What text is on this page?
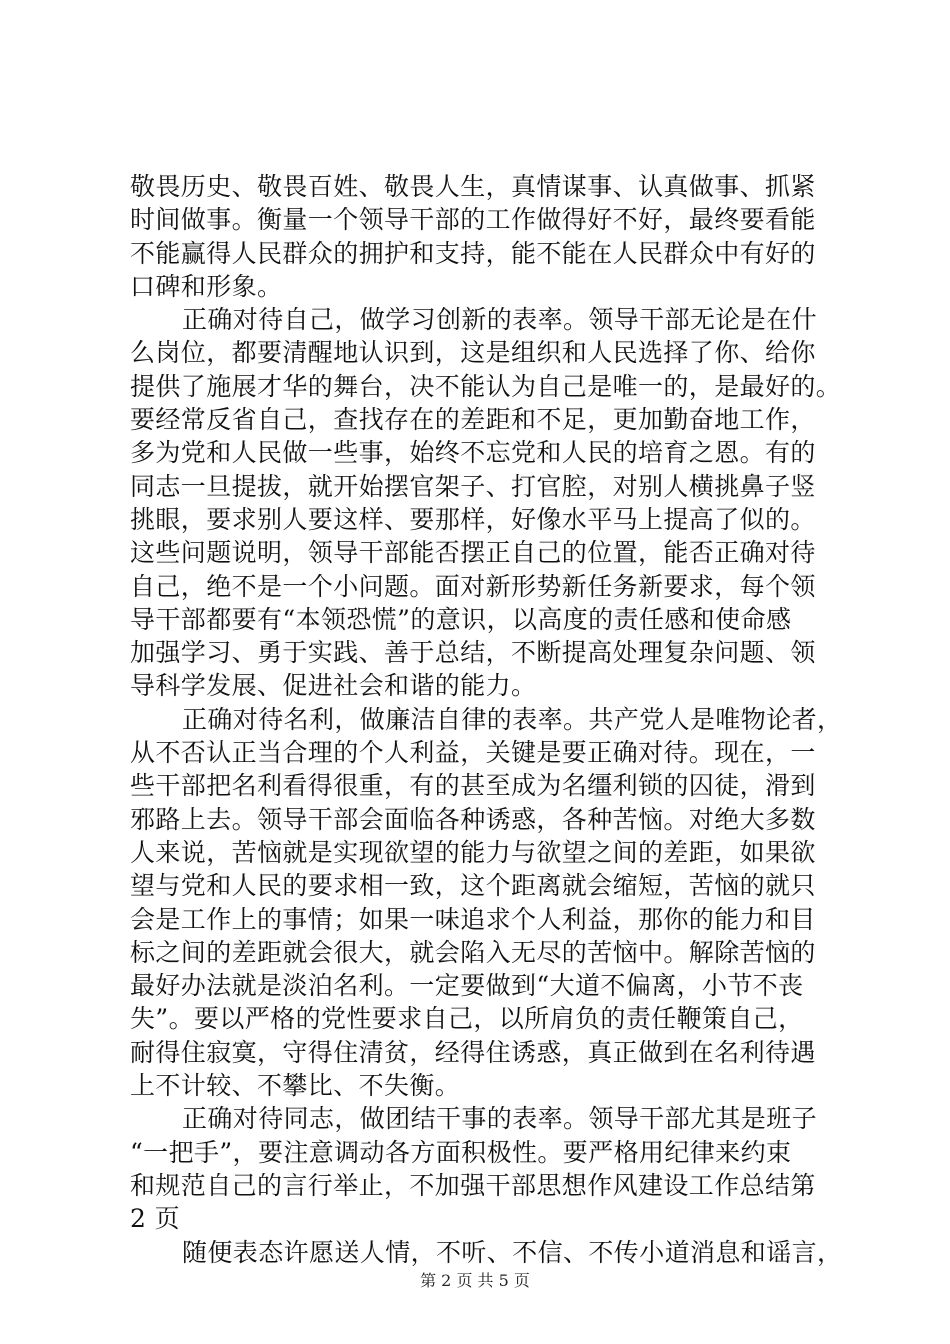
敬畏历史、敬畏百姓、敬畏人生，真情谋事、认真做事、抓紧
时间做事。衡量一个领导干部的工作做得好不好，最终要看能
不能赢得人民群众的拥护和支持，能不能在人民群众中有好的
口碑和形象。
正确对待自己，做学习创新的表率。领导干部无论是在什
么岗位，都要清醒地认识到，这是组织和人民选择了你、给你
提供了施展才华的舞台，决不能认为自己是唯一的，是最好的。
要经常反省自己，查找存在的差距和不足，更加勤奋地工作，
多为党和人民做一些事，始终不忘党和人民的培育之恩。有的
同志一旦提拔，就开始摆官架子、打官腔，对别人横挑鼻子竖
挑眼，要求别人要这样、要那样，好像水平马上提高了似的。
这些问题说明，领导干部能否摆正自己的位置，能否正确对待
自己，绝不是一个小问题。面对新形势新任务新要求，每个领
导干部都要有“本领恐慌”的意识，以高度的责任感和使命感
加强学习、勇于实践、善于总结，不断提高处理复杂问题、领
导科学发展、促进社会和谐的能力。
正确对待名利，做廉洁自律的表率。共产党人是唯物论者，
从不否认正当合理的个人利益，关键是要正确对待。现在，一
些干部把名利看得很重，有的甚至成为名缰利锁的囚徒，滑到
邪路上去。领导干部会面临各种诱惑，各种苦恼。对绝大多数
人来说，苦恼就是实现欲望的能力与欲望之间的差距，如果欲
望与党和人民的要求相一致，这个距离就会缩短，苦恼的就只
会是工作上的事情；如果一味追求个人利益，那你的能力和目
标之间的差距就会很大，就会陷入无尽的苦恼中。解除苦恼的
最好办法就是淡泊名利。一定要做到“大道不偏离，小节不丧
失”。要以严格的党性要求自己，以所肩负的责任鞭策自己，
耐得住寂寞，守得住清贫，经得住诱惑，真正做到在名利待遇
上不计较、不攀比、不失衡。
正确对待同志，做团结干事的表率。领导干部尤其是班子
“一把手”，要注意调动各方面积极性。要严格用纪律来约束
和规范自己的言行举止，不加强干部思想作风建设工作总结第
2 页
随便表态许愿送人情，不听、不信、不传小道消息和谣言，
第 2 页 共 5 页
